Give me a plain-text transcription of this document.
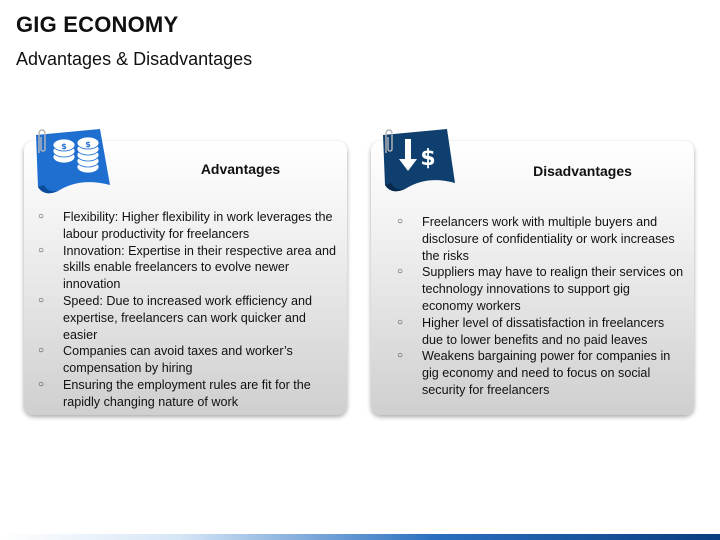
GIG ECONOMY
Advantages & Disadvantages
$ $
Advantages
○ Flexibility: Higher flexibility in work leverages the labour productivity for freelancers
○ Innovation: Expertise in their respective area and skills enable freelancers to evolve newer innovation
○ Speed: Due to increased work efficiency and expertise, freelancers can work quicker and easier
○ Companies can avoid taxes and worker’s compensation by hiring
○ Ensuring the employment rules are fit for the rapidly changing nature of work
$	Disadvantages
○ Freelancers work with multiple buyers and disclosure of confidentiality or work increases the risks
○ Suppliers may have to realign their services on technology innovations to support gig economy workers
○ Higher level of dissatisfaction in freelancers due to lower benefits and no paid leaves
○ Weakens bargaining power for companies in gig economy and need to focus on social security for freelancers
